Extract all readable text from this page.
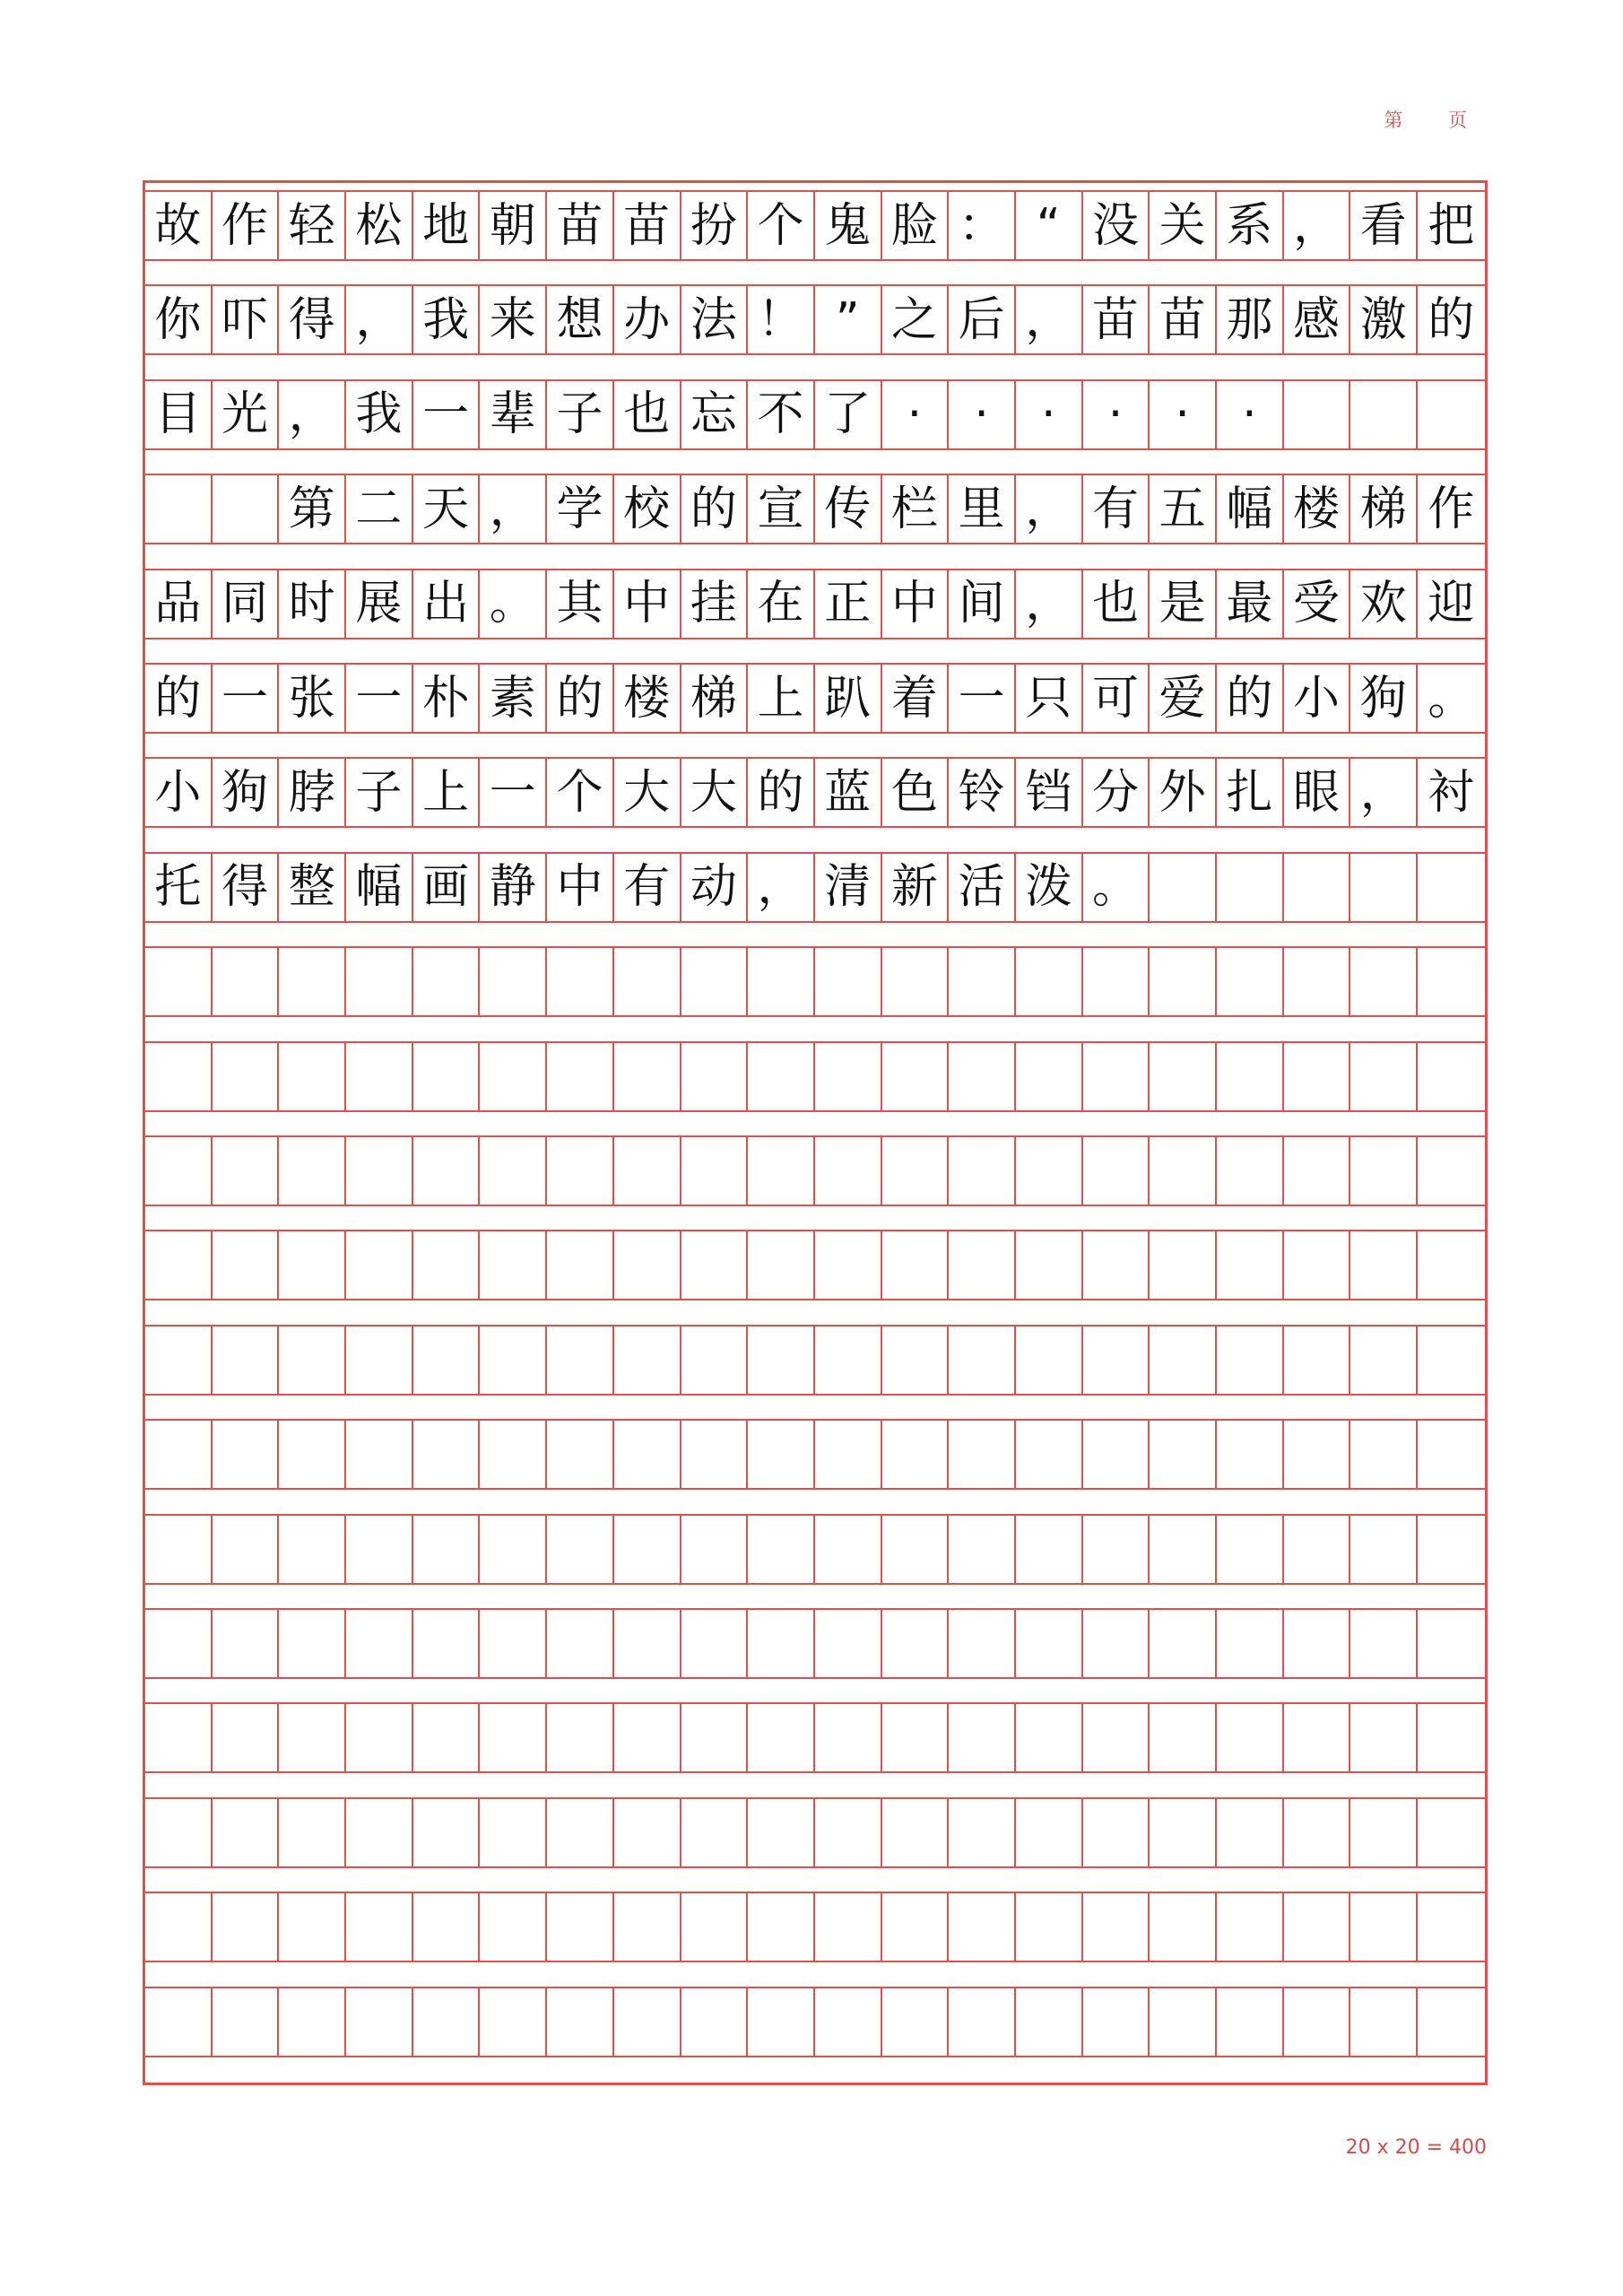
第 页
故 作 轻 松 地 朝 苗 苗 扮 个 鬼 脸 ： “ 没 关 系 ， 看 把
你 吓 得 ， 我 来 想 办 法 ！ ” 之 后 ， 苗 苗 那 感 激 的
目 光 ， 我 一 辈 子 也 忘 不 了 ·	·	·	·	·	·
第 二 天 ， 学 校 的 宣 传 栏 里 ， 有 五 幅 楼 梯 作
品 同 时 展 出 。 其 中 挂 在 正 中 间 ， 也 是 最 受 欢 迎
的 一 张 一 朴 素 的 楼 梯 上 趴 着 一 只 可 爱 的 小 狗 。
小 狗 脖 子 上 一 个 大 大 的 蓝 色 铃 铛 分 外 扎 眼 ， 衬
托 得 整 幅 画 静 中 有 动 ， 清 新 活 泼 。
20 x 20 = 400
